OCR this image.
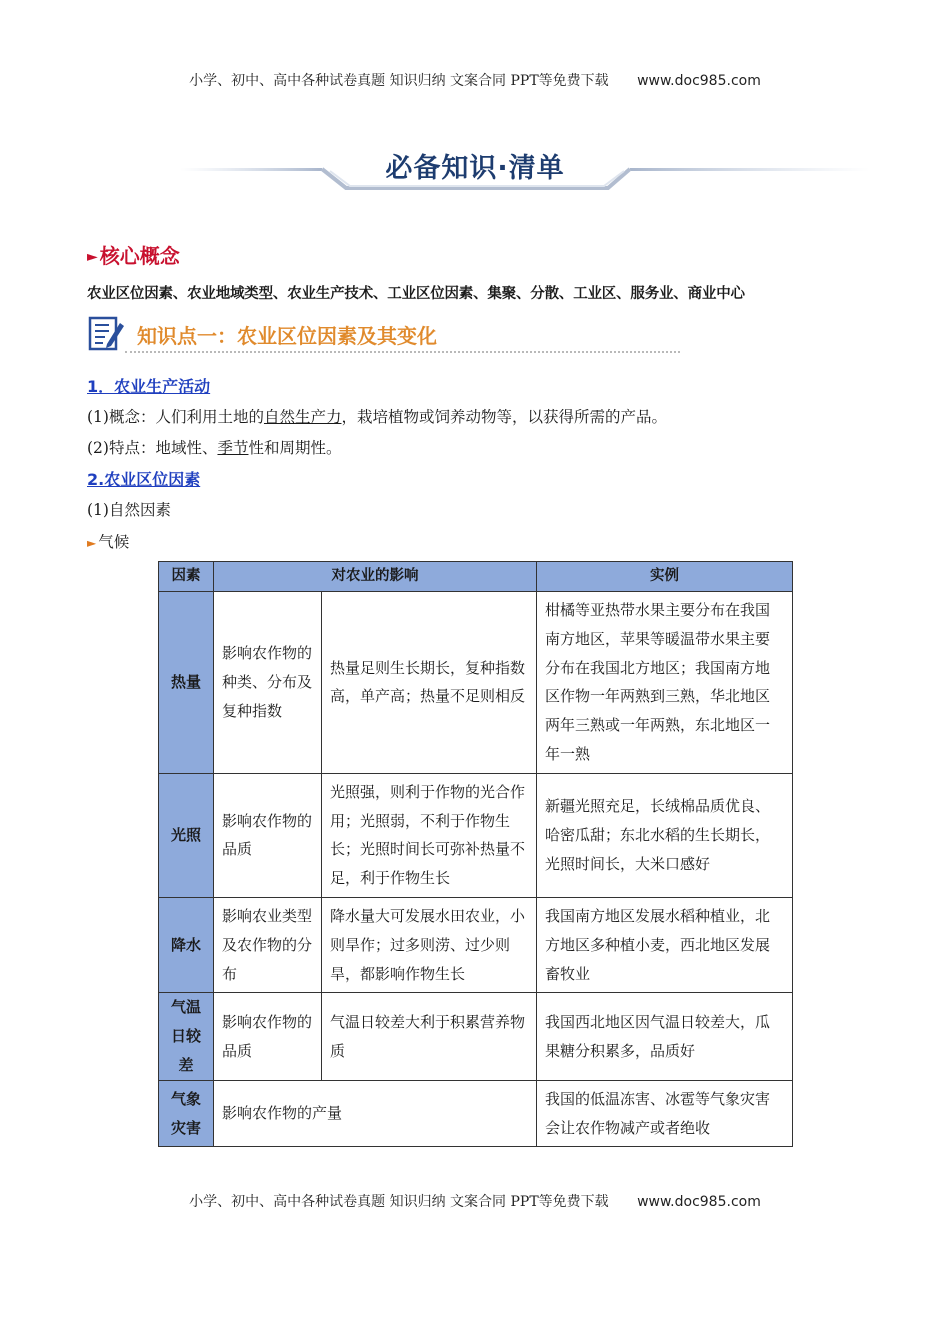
小学、初中、高中各种试卷真题 知识归纳 文案合同 PPT等免费下载 www.doc985.com
必备知识·清单
► 核心概念
农业区位因素、农业地域类型、农业生产技术、工业区位因素、集聚、分散、工业区、服务业、商业中心
知识点一：农业区位因素及其变化
1．农业生产活动
(1)概念：人们利用土地的自然生产力，栽培植物或饲养动物等，以获得所需的产品。
(2)特点：地域性、季节性和周期性。
2.农业区位因素
(1)自然因素
► 气候
因素	对农业的影响		实例
热量	影响农作物的种类、分布及复种指数	热量足则生长期长，复种指数高，单产高；热量不足则相反	柑橘等亚热带水果主要分布在我国南方地区，苹果等暖温带水果主要分布在我国北方地区；我国南方地区作物一年两熟到三熟，华北地区两年三熟或一年两熟，东北地区一年一熟
光照	影响农作物的品质	光照强，则利于作物的光合作用；光照弱，不利于作物生长；光照时间长可弥补热量不足，利于作物生长	新疆光照充足，长绒棉品质优良、哈密瓜甜；东北水稻的生长期长，光照时间长，大米口感好
降水	影响农业类型及农作物的分布	降水量大可发展水田农业，小则旱作；过多则涝、过少则旱，都影响作物生长	我国南方地区发展水稻种植业，北方地区多种植小麦，西北地区发展畜牧业
气温日较差	影响农作物的品质	气温日较差大利于积累营养物质	我国西北地区因气温日较差大，瓜果糖分积累多，品质好
气象灾害	影响农作物的产量		我国的低温冻害、冰雹等气象灾害会让农作物减产或者绝收
小学、初中、高中各种试卷真题 知识归纳 文案合同 PPT等免费下载 www.doc985.com
